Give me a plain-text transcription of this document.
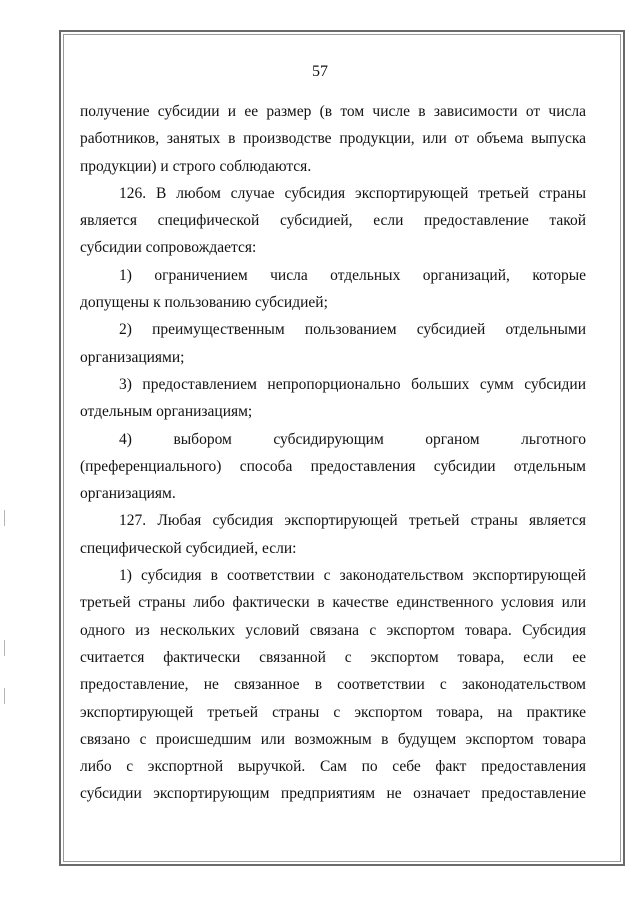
57
получение субсидии и ее размер (в том числе в зависимости от числа
работников, занятых в производстве продукции, или от объема выпуска
продукции) и строго соблюдаются.
126. В любом случае субсидия экспортирующей третьей страны
является специфической субсидией, если предоставление такой
субсидии сопровождается:
1) ограничением числа отдельных организаций, которые
допущены к пользованию субсидией;
2) преимущественным пользованием субсидией отдельными
организациями;
3) предоставлением непропорционально больших сумм субсидии
отдельным организациям;
4) выбором субсидирующим органом льготного
(преференциального) способа предоставления субсидии отдельным
организациям.
127. Любая субсидия экспортирующей третьей страны является
специфической субсидией, если:
1) субсидия в соответствии с законодательством экспортирующей
третьей страны либо фактически в качестве единственного условия или
одного из нескольких условий связана с экспортом товара. Субсидия
считается фактически связанной с экспортом товара, если ее
предоставление, не связанное в соответствии с законодательством
экспортирующей третьей страны с экспортом товара, на практике
связано с происшедшим или возможным в будущем экспортом товара
либо с экспортной выручкой. Сам по себе факт предоставления
субсидии экспортирующим предприятиям не означает предоставление
